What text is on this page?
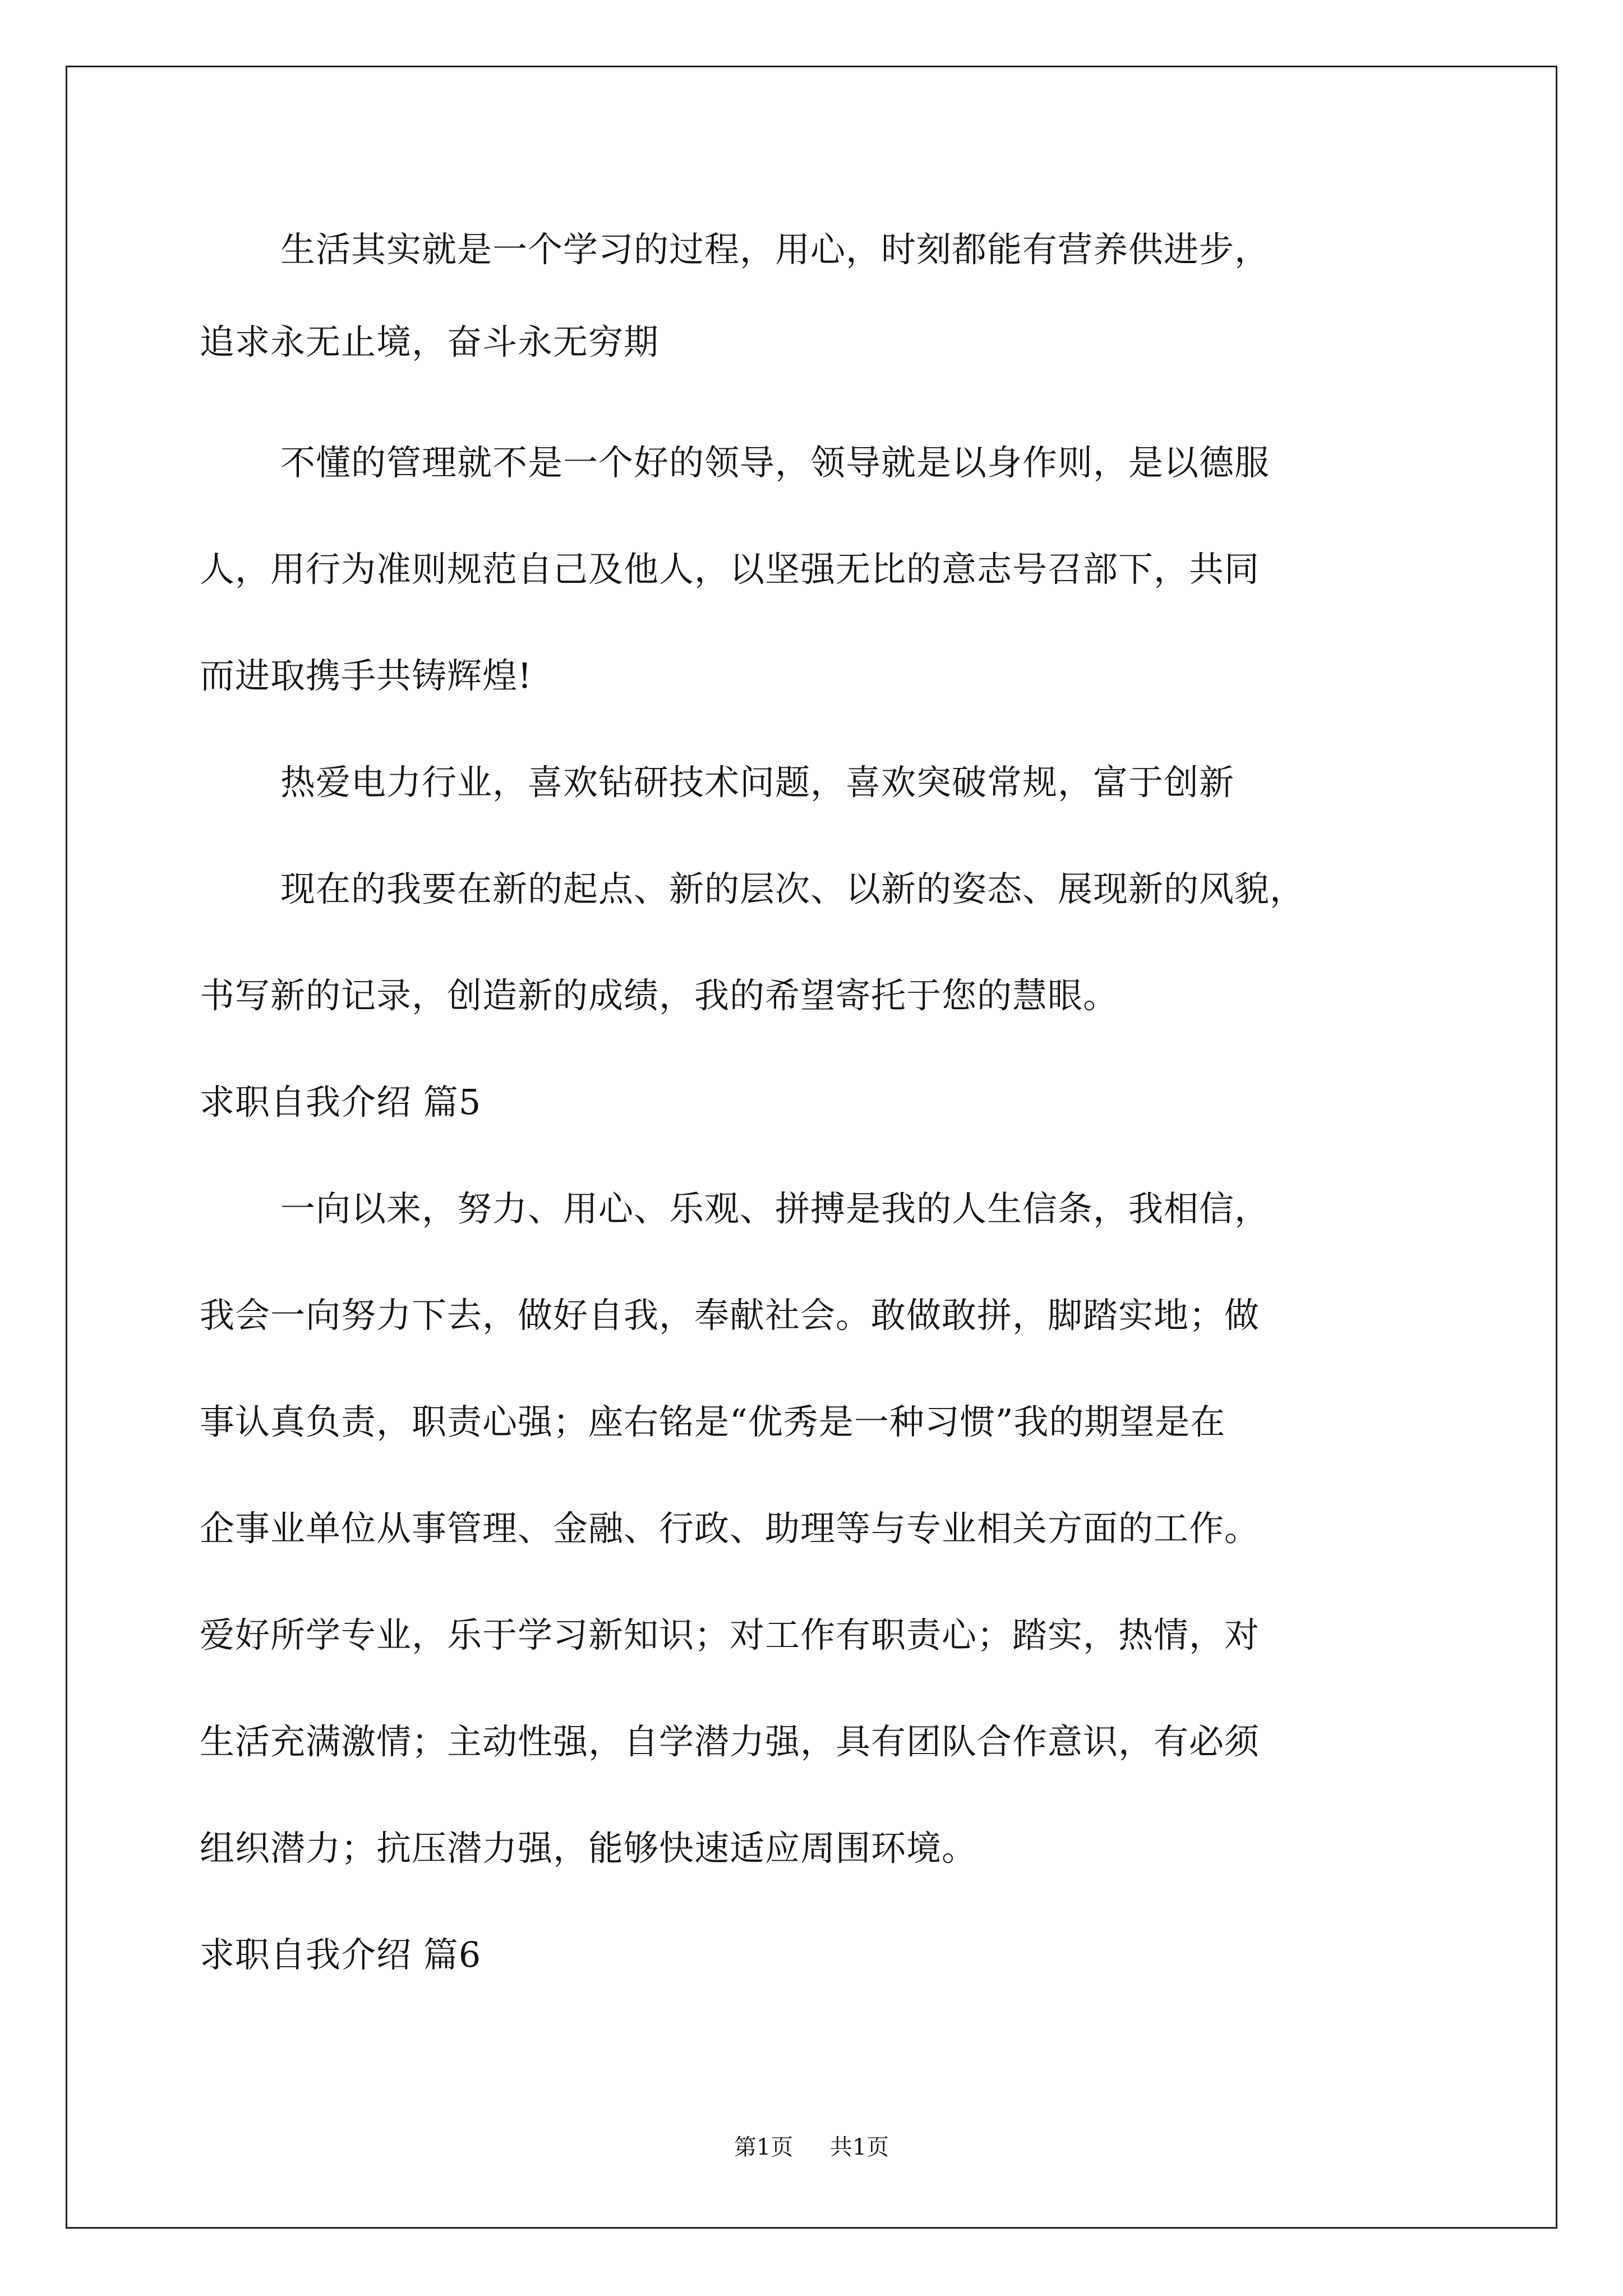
生活其实就是一个学习的过程，用心，时刻都能有营养供进步，
追求永无止境，奋斗永无穷期
不懂的管理就不是一个好的领导，领导就是以身作则，是以德服
人，用行为准则规范自己及他人，以坚强无比的意志号召部下，共同
而进取携手共铸辉煌!
热爱电力行业，喜欢钻研技术问题，喜欢突破常规，富于创新
现在的我要在新的起点、新的层次、以新的姿态、展现新的风貌，
书写新的记录，创造新的成绩，我的希望寄托于您的慧眼。
求职自我介绍 篇5
一向以来，努力、用心、乐观、拼搏是我的人生信条，我相信，
我会一向努力下去，做好自我，奉献社会。敢做敢拼，脚踏实地；做
事认真负责，职责心强；座右铭是“优秀是一种习惯”我的期望是在
企事业单位从事管理、金融、行政、助理等与专业相关方面的工作。
爱好所学专业，乐于学习新知识；对工作有职责心；踏实，热情，对
生活充满激情；主动性强，自学潜力强，具有团队合作意识，有必须
组织潜力；抗压潜力强，能够快速适应周围环境。
求职自我介绍 篇6
第1页 共1页
